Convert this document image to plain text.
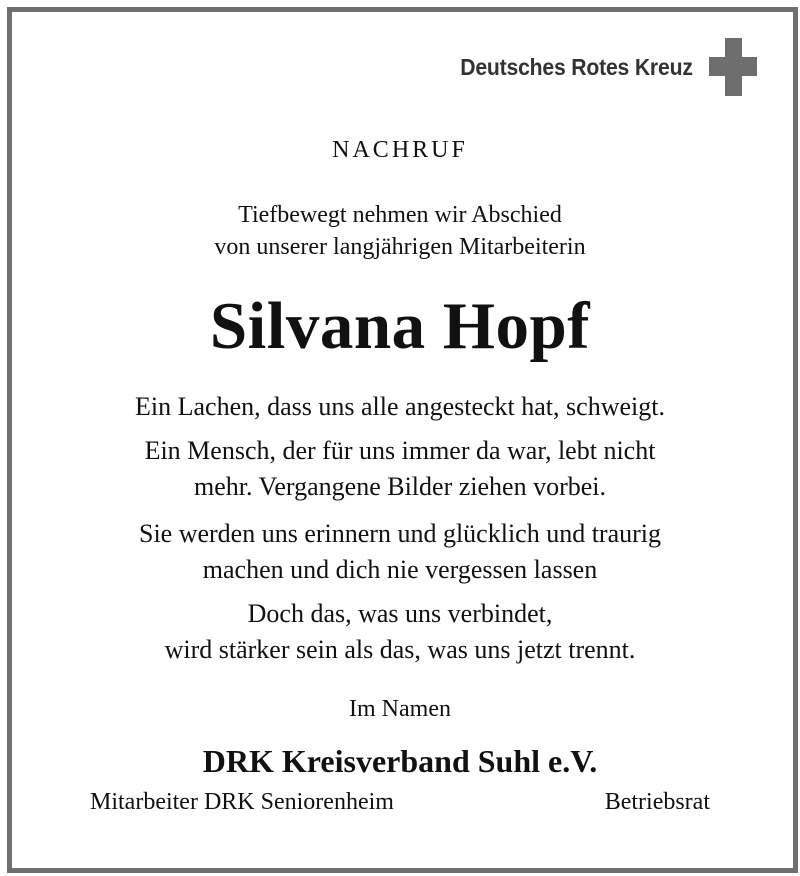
Deutsches Rotes Kreuz
NACHRUF
Tiefbewegt nehmen wir Abschied
von unserer langjährigen Mitarbeiterin
Silvana Hopf
Ein Lachen, dass uns alle angesteckt hat, schweigt.
Ein Mensch, der für uns immer da war, lebt nicht
mehr. Vergangene Bilder ziehen vorbei.
Sie werden uns erinnern und glücklich und traurig
machen und dich nie vergessen lassen
Doch das, was uns verbindet,
wird stärker sein als das, was uns jetzt trennt.
Im Namen
DRK Kreisverband Suhl e.V.
Mitarbeiter DRK Seniorenheim	Betriebsrat
